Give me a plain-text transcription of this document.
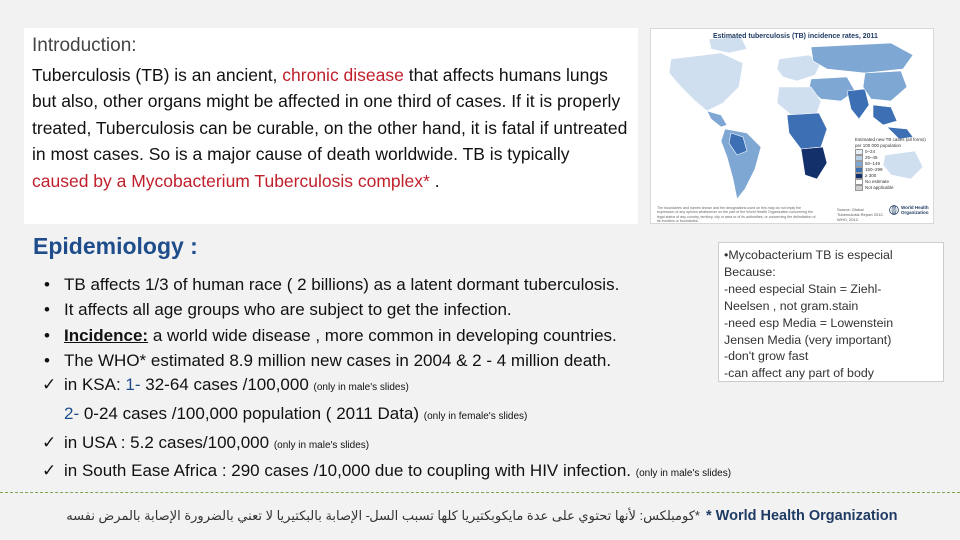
Introduction:

Tuberculosis (TB) is an ancient, chronic disease that affects humans lungs but also, other organs might be affected in one third of cases. If it is properly treated, Tuberculosis can be curable, on the other hand, it is fatal if untreated in most cases. So is a major cause of death worldwide. TB is typically caused by a Mycobacterium Tuberculosis complex* .

Estimated tuberculosis (TB) incidence rates, 2011
Estimated new TB cases (all forms) per 100 000 population
0–24
25–49
50–149
150–299
≥ 300
No estimate
Not applicable
The boundaries and names shown and the designations used on this map do not imply the expression of any opinion whatsoever on the part of the World Health Organization concerning the legal status of any country, territory, city or area or of its authorities, or concerning the delimitation of its frontiers or boundaries.
Source: Global Tuberculosis Report 2012. WHO, 2012.
World Health
Organization
Epidemiology :	•Mycobacterium TB is especial
Because:
-need especial Stain = Ziehl-
Neelsen , not gram.stain
-need esp Media = Lowenstein
Jensen Media (very important)
-don't grow fast
-can affect any part of body
• TB affects 1/3 of human race ( 2 billions) as a latent dormant tuberculosis.
• It affects all age groups who are subject to get the infection.
• Incidence: a world wide disease , more common in developing countries.
• The WHO* estimated 8.9 million new cases in 2004 & 2 - 4 million death.
✓ in KSA: 1- 32-64 cases /100,000 (only in male's slides)
2- 0-24 cases /100,000 population ( 2011 Data) (only in female's slides)
✓ in USA : 5.2 cases/100,000 (only in male's slides)
✓ in South Ease Africa : 290 cases /10,000 due to coupling with HIV infection. (only in male's slides)
- الإصابة بالبكتيريا لا تعني بالضرورة الإصابة بالمرض نفسه *كومبلكس: لأنها تحتوي على عدة مايكوبكتيريا كلها تسبب السل * World Health Organization
